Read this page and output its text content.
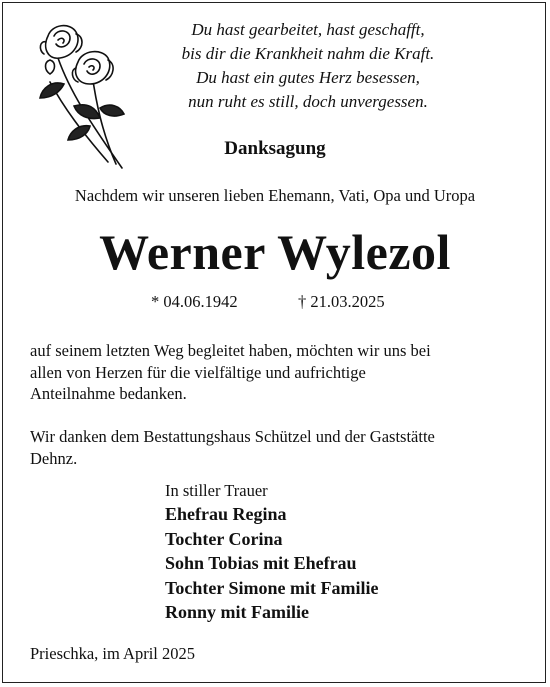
Du hast gearbeitet, hast geschafft,
bis dir die Krankheit nahm die Kraft.
Du hast ein gutes Herz besessen,
nun ruht es still, doch unvergessen.
Danksagung
Nachdem wir unseren lieben Ehemann, Vati, Opa und Uropa
Werner Wylezol
* 04.06.1942	† 21.03.2025
auf seinem letzten Weg begleitet haben, möchten wir uns bei
allen von Herzen für die vielfältige und aufrichtige
Anteilnahme bedanken.
Wir danken dem Bestattungshaus Schützel und der Gaststätte
Dehnz.
In stiller Trauer
Ehefrau Regina
Tochter Corina
Sohn Tobias mit Ehefrau
Tochter Simone mit Familie
Ronny mit Familie
Prieschka, im April 2025
